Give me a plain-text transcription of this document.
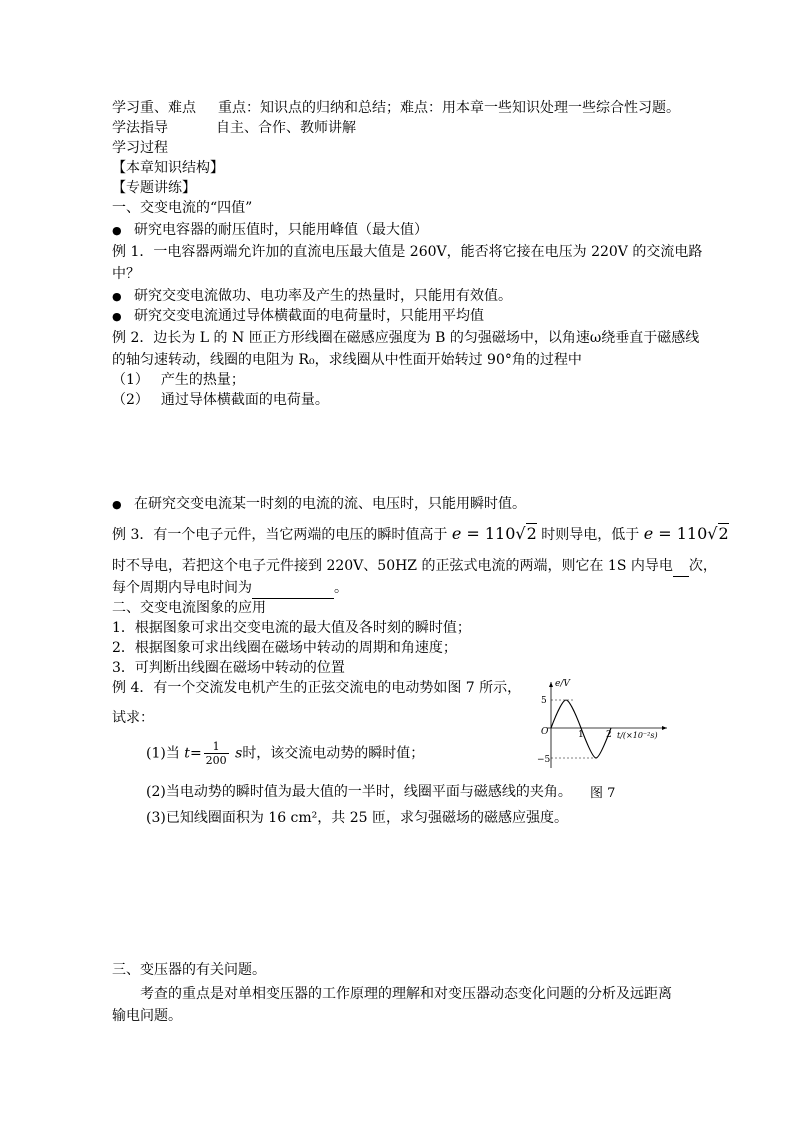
学习重、难点 重点：知识点的归纳和总结；难点：用本章一些知识处理一些综合性习题。
学法指导	自主、合作、教师讲解
学习过程
【本章知识结构】
【专题讲练】
一、交变电流的“四值”
● 研究电容器的耐压值时，只能用峰值（最大值）
例 1．一电容器两端允许加的直流电压最大值是 260V，能否将它接在电压为 220V 的交流电路
中？
● 研究交变电流做功、电功率及产生的热量时，只能用有效值。
● 研究交变电流通过导体横截面的电荷量时，只能用平均值
例 2．边长为 L 的 N 匝正方形线圈在磁感应强度为 B 的匀强磁场中，以角速ω绕垂直于磁感线
的轴匀速转动，线圈的电阻为 R₀，求线圈从中性面开始转过 90°角的过程中
（1） 产生的热量；
（2） 通过导体横截面的电荷量。
● 在研究交变电流某一时刻的电流的流、电压时，只能用瞬时值。
例 3．有一个电子元件，当它两端的电压的瞬时值高于 e = 110√2 时则导电，低于 e = 110√2
时不导电，若把这个电子元件接到 220V、50HZ 的正弦式电流的两端，则它在 1S 内导电 次，
每个周期内导电时间为	。
二、交变电流图象的应用
1．根据图象可求出交变电流的最大值及各时刻的瞬时值；
2．根据图象可求出线圈在磁场中转动的周期和角速度；
3．可判断出线圈在磁场中转动的位置
例 4．有一个交流发电机产生的正弦交流电的电动势如图 7 所示，
试求：
(1)当 $t= \frac{1}{200}$ s时，该交流电动势的瞬时值；
(2)当电动势的瞬时值为最大值的一半时，线圈平面与磁感线的夹角。 图 7
(3)已知线圈面积为 16 cm²，共 25 匝，求匀强磁场的磁感应强度。
e/V
5
−5
O	1 2 t/(×10⁻²s)
三、变压器的有关问题。
考查的重点是对单相变压器的工作原理的理解和对变压器动态变化问题的分析及远距离
输电问题。
